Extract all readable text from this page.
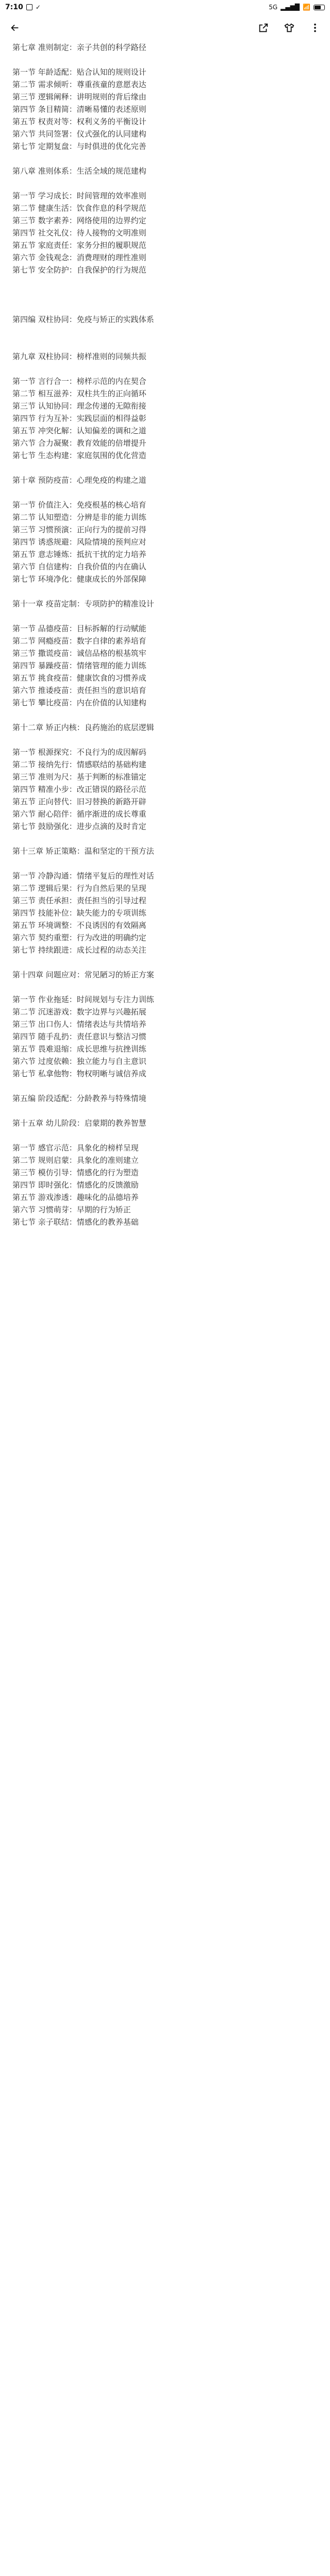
7:10 ✓	5G ▂▄▆█ 📶
第七章 准则制定：亲子共创的科学路径
第一节 年龄适配：贴合认知的规则设计
第二节 需求倾听：尊重孩童的意愿表达
第三节 逻辑阐释：讲明规则的背后缘由
第四节 条目精简：清晰易懂的表述原则
第五节 权责对等：权利义务的平衡设计
第六节 共同签署：仪式强化的认同建构
第七节 定期复盘：与时俱进的优化完善
第八章 准则体系：生活全域的规范建构
第一节 学习成长：时间管理的效率准则
第二节 健康生活：饮食作息的科学规范
第三节 数字素养：网络使用的边界约定
第四节 社交礼仪：待人接物的文明准则
第五节 家庭责任：家务分担的履职规范
第六节 金钱观念：消费理财的理性准则
第七节 安全防护：自我保护的行为规范
第四编 双柱协同：免疫与矫正的实践体系
第九章 双柱协同：榜样准则的同频共振
第一节 言行合一：榜样示范的内在契合
第二节 相互滋养：双柱共生的正向循环
第三节 认知协同：理念传递的无隙衔接
第四节 行为互补：实践层面的相得益彰
第五节 冲突化解：认知偏差的调和之道
第六节 合力凝聚：教育效能的倍增提升
第七节 生态构建：家庭氛围的优化营造
第十章 预防疫苗：心理免疫的构建之道
第一节 价值注入：免疫根基的核心培育
第二节 认知塑造：分辨是非的能力训练
第三节 习惯预演：正向行为的提前习得
第四节 诱惑规避：风险情境的预判应对
第五节 意志锤炼：抵抗干扰的定力培养
第六节 自信建构：自我价值的内在确认
第七节 环境净化：健康成长的外部保障
第十一章 疫苗定制：专项防护的精准设计
第一节 品德疫苗：目标拆解的行动赋能
第二节 网瘾疫苗：数字自律的素养培育
第三节 撒谎疫苗：诚信品格的根基筑牢
第四节 暴躁疫苗：情绪管理的能力训练
第五节 挑食疫苗：健康饮食的习惯养成
第六节 推诿疫苗：责任担当的意识培育
第七节 攀比疫苗：内在价值的认知建构
第十二章 矫正内核：良药施治的底层逻辑
第一节 根源探究：不良行为的成因解码
第二节 接纳先行：情感联结的基础构建
第三节 准则为尺：基于判断的标准锚定
第四节 精准小步：改正错误的路径示范
第五节 正向替代：旧习替换的新路开辟
第六节 耐心陪伴：循序渐进的成长尊重
第七节 鼓励强化：进步点滴的及时肯定
第十三章 矫正策略：温和坚定的干预方法
第一节 冷静沟通：情绪平复后的理性对话
第二节 逻辑后果：行为自然后果的呈现
第三节 责任承担：责任担当的引导过程
第四节 技能补位：缺失能力的专项训练
第五节 环境调整：不良诱因的有效隔离
第六节 契约重塑：行为改进的明确约定
第七节 持续跟进：成长过程的动态关注
第十四章 问题应对：常见陋习的矫正方案
第一节 作业拖延：时间规划与专注力训练
第二节 沉迷游戏：数字边界与兴趣拓展
第三节 出口伤人：情绪表达与共情培养
第四节 随手乱扔：责任意识与整洁习惯
第五节 畏难退缩：成长思维与抗挫训练
第六节 过度依赖：独立能力与自主意识
第七节 私拿他物：物权明晰与诚信养成
第五编 阶段适配：分龄教养与特殊情境
第十五章 幼儿阶段：启蒙期的教养智慧
第一节 感官示范：具象化的榜样呈现
第二节 规则启蒙：具象化的准则建立
第三节 模仿引导：情感化的行为塑造
第四节 即时强化：情感化的反馈激励
第五节 游戏渗透：趣味化的品德培养
第六节 习惯萌芽：早期的行为矫正
第七节 亲子联结：情感化的教养基础
